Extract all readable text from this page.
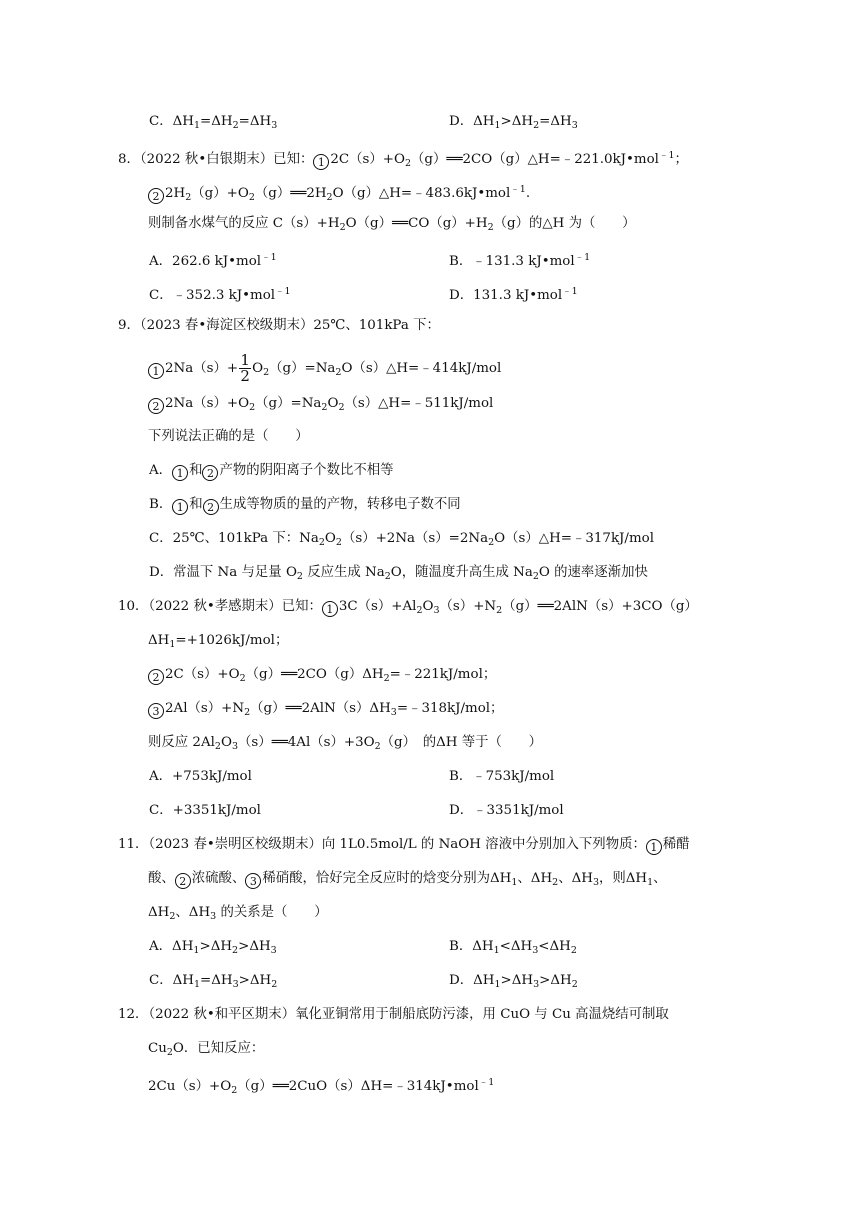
C．$\Delta H_1=\Delta H_2=\Delta H_3$	D．$\Delta H_1>\Delta H_2=\Delta H_3$
8．（2022 秋•白银期末）已知： 1 $2C(s)+O_2(g)══2CO(g)\triangle H=﹣221.0kJ•mol^{﹣1}$；
2 $2H_2(g)+O_2(g)══2H_2O(g)\triangle H=﹣483.6kJ•mol^{﹣1}$.
则制备水煤气的反应 $C(s)+H_2O(g)══CO(g)+H_2(g)$的△H 为（　　）
A．262.6 kJ•mol$^{﹣1}$	B．﹣131.3 kJ•mol$^{﹣1}$
C．﹣352.3 kJ•mol$^{﹣1}$	D．131.3 kJ•mol$^{﹣1}$
9．（2023 春•海淀区校级期末）25℃、101kPa 下：
1 $2Na(s)+ \frac{1}{2}$ $O_2(g)=Na_2O(s)\triangle H=﹣414kJ$/mol
2 $2Na(s)+O_2(g)=Na_2O_2(s)\triangle H=﹣511kJ$/mol
下列说法正确的是（　　）
A． 1 和 2 产物的阴阳离子个数比不相等
B． 1 和 2 生成等物质的量的产物，转移电子数不同
C．25℃、101kPa 下：$Na_2O_2(s)+2Na(s)=2Na_2O(s)\triangle H=﹣317kJ$/mol
D．常温下 Na 与足量 $O_2$ 反应生成 $Na_2O$，随温度升高生成 $Na_2O$ 的速率逐渐加快
10．（2022 秋•孝感期末）已知： 1 $3C(s)+Al_2O_3(s)+N_2(g)══2AlN(s)+3CO(g)$
$\Delta H_1=+1026kJ$/mol；
2 $2C(s)+O_2(g)══2CO(g)\Delta H_2=﹣221kJ$/mol；
3 $2Al(s)+N_2(g)══2AlN(s)\Delta H_3=﹣318kJ$/mol；
则反应 $2Al_2O_3(s)══4Al(s)+3O_2(g)$　的ΔH 等于（　　）
A．+753kJ/mol	B．﹣753kJ/mol
C．+3351kJ/mol	D．﹣3351kJ/mol
11．（2023 春•崇明区校级期末）向 1L0.5mol/L 的 NaOH 溶液中分别加入下列物质： 1 稀醋
酸、 2 浓硫酸、 3 稀硝酸，恰好完全反应时的焓变分别为$\Delta H_1$、$\Delta H_2$、$\Delta H_3$，则$\Delta H_1$、
$\Delta H_2$、$\Delta H_3$ 的关系是（　　）
A．$\Delta H_1>\Delta H_2>\Delta H_3$	B．$\Delta H_1<\Delta H_3<\Delta H_2$
C．$\Delta H_1=\Delta H_3>\Delta H_2$	D．$\Delta H_1>\Delta H_3>\Delta H_2$
12．（2022 秋•和平区期末）氧化亚铜常用于制船底防污漆，用 CuO 与 Cu 高温烧结可制取
$Cu_2O$．已知反应：
$2Cu(s)+O_2(g)══2CuO(s)\Delta H=﹣314kJ•mol^{﹣1}$
